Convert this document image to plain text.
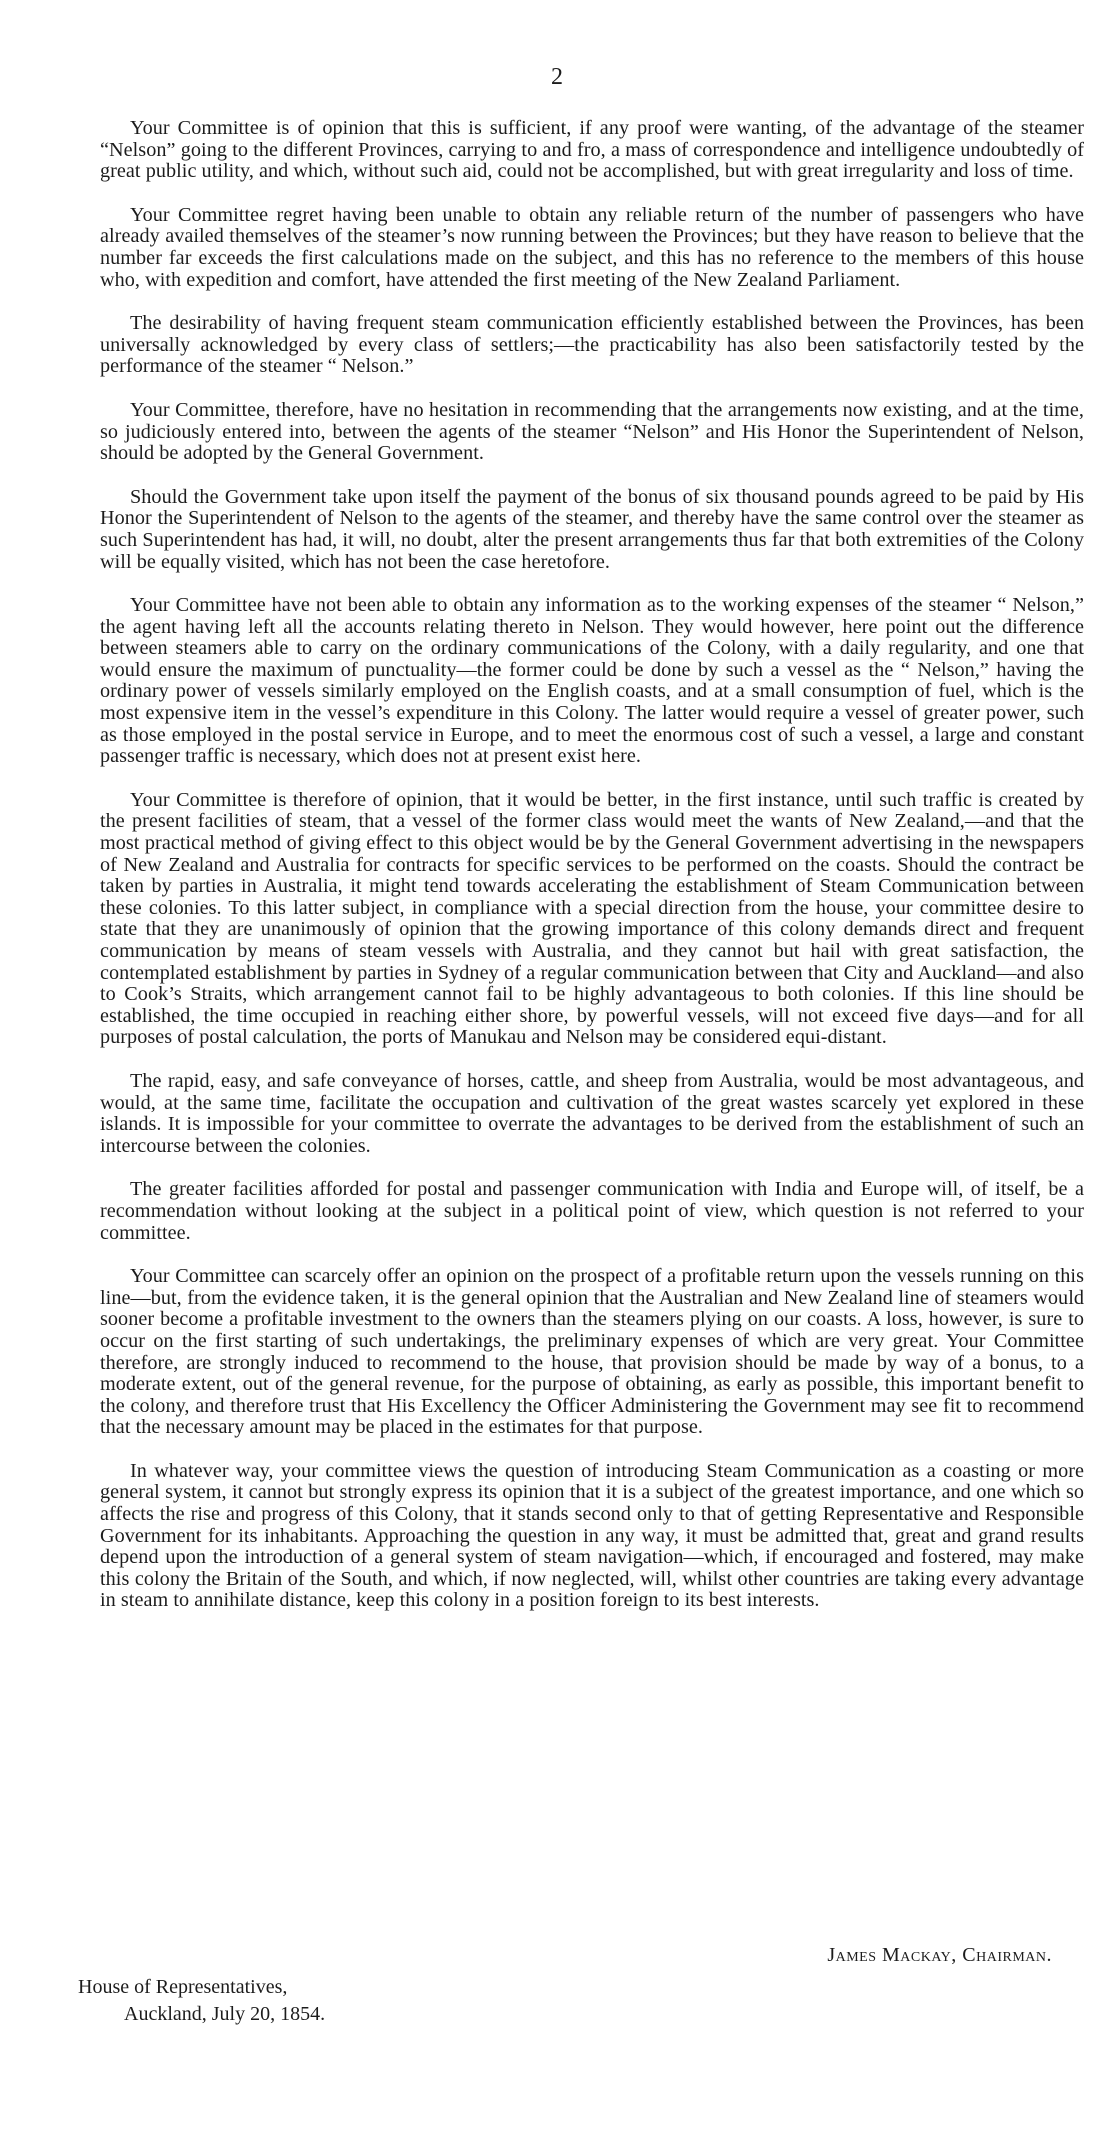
2

Your Committee is of opinion that this is sufficient, if any proof were wanting, of the advantage of the steamer “Nelson” going to the different Provinces, carrying to and fro, a mass of correspondence and intelligence undoubtedly of great public utility, and which, without such aid, could not be accomplished, but with great irregularity and loss of time.

Your Committee regret having been unable to obtain any reliable return of the number of passengers who have already availed themselves of the steamer’s now running between the Provinces; but they have reason to believe that the number far exceeds the first calculations made on the subject, and this has no reference to the members of this house who, with expedition and comfort, have attended the first meeting of the New Zealand Parliament.

The desirability of having frequent steam communication efficiently established between the Provinces, has been universally acknowledged by every class of settlers;—the practicability has also been satisfactorily tested by the performance of the steamer “ Nelson.”

Your Committee, therefore, have no hesitation in recommending that the arrangements now existing, and at the time, so judiciously entered into, between the agents of the steamer “Nelson” and His Honor the Superintendent of Nelson, should be adopted by the General Government.

Should the Government take upon itself the payment of the bonus of six thousand pounds agreed to be paid by His Honor the Superintendent of Nelson to the agents of the steamer, and thereby have the same control over the steamer as such Superintendent has had, it will, no doubt, alter the present arrangements thus far that both extremities of the Colony will be equally visited, which has not been the case heretofore.

Your Committee have not been able to obtain any information as to the working expenses of the steamer “ Nelson,” the agent having left all the accounts relating thereto in Nelson. They would however, here point out the difference between steamers able to carry on the ordinary communications of the Colony, with a daily regularity, and one that would ensure the maximum of punctuality—the former could be done by such a vessel as the “ Nelson,” having the ordinary power of vessels similarly employed on the English coasts, and at a small consumption of fuel, which is the most expensive item in the vessel’s expenditure in this Colony. The latter would require a vessel of greater power, such as those employed in the postal service in Europe, and to meet the enormous cost of such a vessel, a large and constant passenger traffic is necessary, which does not at present exist here.

Your Committee is therefore of opinion, that it would be better, in the first instance, until such traffic is created by the present facilities of steam, that a vessel of the former class would meet the wants of New Zealand,—and that the most practical method of giving effect to this object would be by the General Government advertising in the newspapers of New Zealand and Australia for contracts for specific services to be performed on the coasts. Should the contract be taken by parties in Australia, it might tend towards accelerating the establishment of Steam Communication between these colonies. To this latter subject, in compliance with a special direction from the house, your committee desire to state that they are unanimously of opinion that the growing importance of this colony demands direct and frequent communication by means of steam vessels with Australia, and they cannot but hail with great satisfaction, the contemplated establishment by parties in Sydney of a regular communication between that City and Auckland—and also to Cook’s Straits, which arrangement cannot fail to be highly advantageous to both colonies. If this line should be established, the time occupied in reaching either shore, by powerful vessels, will not exceed five days—and for all purposes of postal calculation, the ports of Manukau and Nelson may be considered equi-distant.

The rapid, easy, and safe conveyance of horses, cattle, and sheep from Australia, would be most advantageous, and would, at the same time, facilitate the occupation and cultivation of the great wastes scarcely yet explored in these islands. It is impossible for your committee to overrate the advantages to be derived from the establishment of such an intercourse between the colonies.

The greater facilities afforded for postal and passenger communication with India and Europe will, of itself, be a recommendation without looking at the subject in a political point of view, which question is not referred to your committee.

Your Committee can scarcely offer an opinion on the prospect of a profitable return upon the vessels running on this line—but, from the evidence taken, it is the general opinion that the Australian and New Zealand line of steamers would sooner become a profitable investment to the owners than the steamers plying on our coasts. A loss, however, is sure to occur on the first starting of such undertakings, the preliminary expenses of which are very great. Your Committee therefore, are strongly induced to recommend to the house, that provision should be made by way of a bonus, to a moderate extent, out of the general revenue, for the purpose of obtaining, as early as possible, this important benefit to the colony, and therefore trust that His Excellency the Officer Administering the Government may see fit to recommend that the necessary amount may be placed in the estimates for that purpose.

In whatever way, your committee views the question of introducing Steam Communication as a coasting or more general system, it cannot but strongly express its opinion that it is a subject of the greatest importance, and one which so affects the rise and progress of this Colony, that it stands second only to that of getting Representative and Responsible Government for its inhabitants. Approaching the question in any way, it must be admitted that, great and grand results depend upon the introduction of a general system of steam navigation—which, if encouraged and fostered, may make this colony the Britain of the South, and which, if now neglected, will, whilst other countries are taking every advantage in steam to annihilate distance, keep this colony in a position foreign to its best interests.

James Mackay, Chairman.
House of Representatives,
Auckland, July 20, 1854.
